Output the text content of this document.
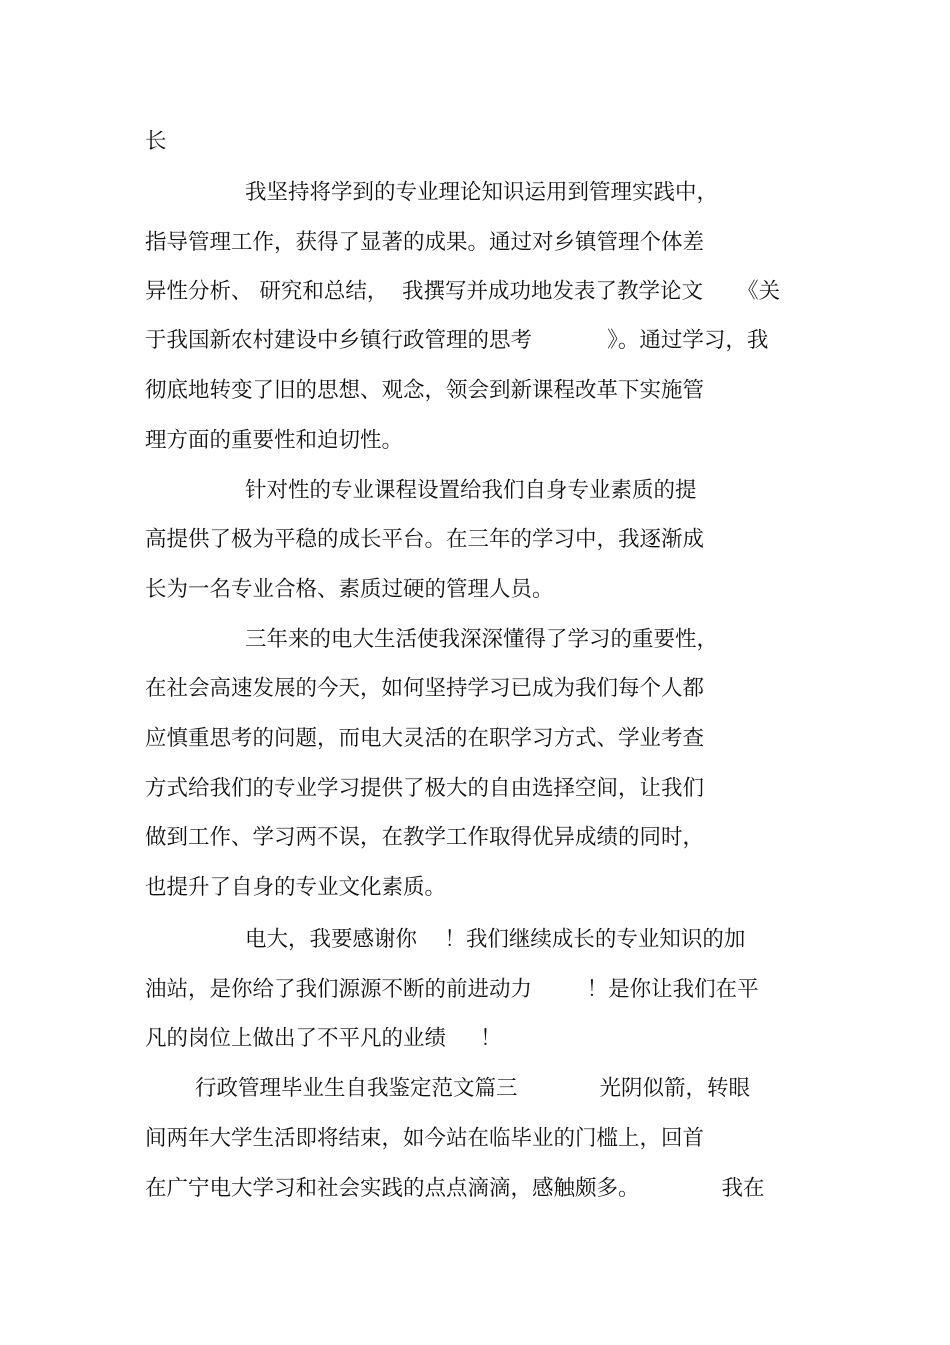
长
我坚持将学到的专业理论知识运用到管理实践中，
指导管理工作，获得了显著的成果。通过对乡镇管理个体差
异性分析、 研究和总结，  我撰写并成功地发表了教学论文     《关
于我国新农村建设中乡镇行政管理的思考           》。通过学习，我
彻底地转变了旧的思想、观念，领会到新课程改革下实施管
理方面的重要性和迫切性。
针对性的专业课程设置给我们自身专业素质的提
高提供了极为平稳的成长平台。在三年的学习中，我逐渐成
长为一名专业合格、素质过硬的管理人员。
三年来的电大生活使我深深懂得了学习的重要性，
在社会高速发展的今天，如何坚持学习已成为我们每个人都
应慎重思考的问题，而电大灵活的在职学习方式、学业考查
方式给我们的专业学习提供了极大的自由选择空间，让我们
做到工作、学习两不误，在教学工作取得优异成绩的同时，
也提升了自身的专业文化素质。
电大，我要感谢你    ！我们继续成长的专业知识的加
油站，是你给了我们源源不断的前进动力        ！是你让我们在平
凡的岗位上做出了不平凡的业绩     ！
行政管理毕业生自我鉴定范文篇三            光阴似箭，转眼
间两年大学生活即将结束，如今站在临毕业的门槛上，回首
在广宁电大学习和社会实践的点点滴滴，感触颇多。            我在
